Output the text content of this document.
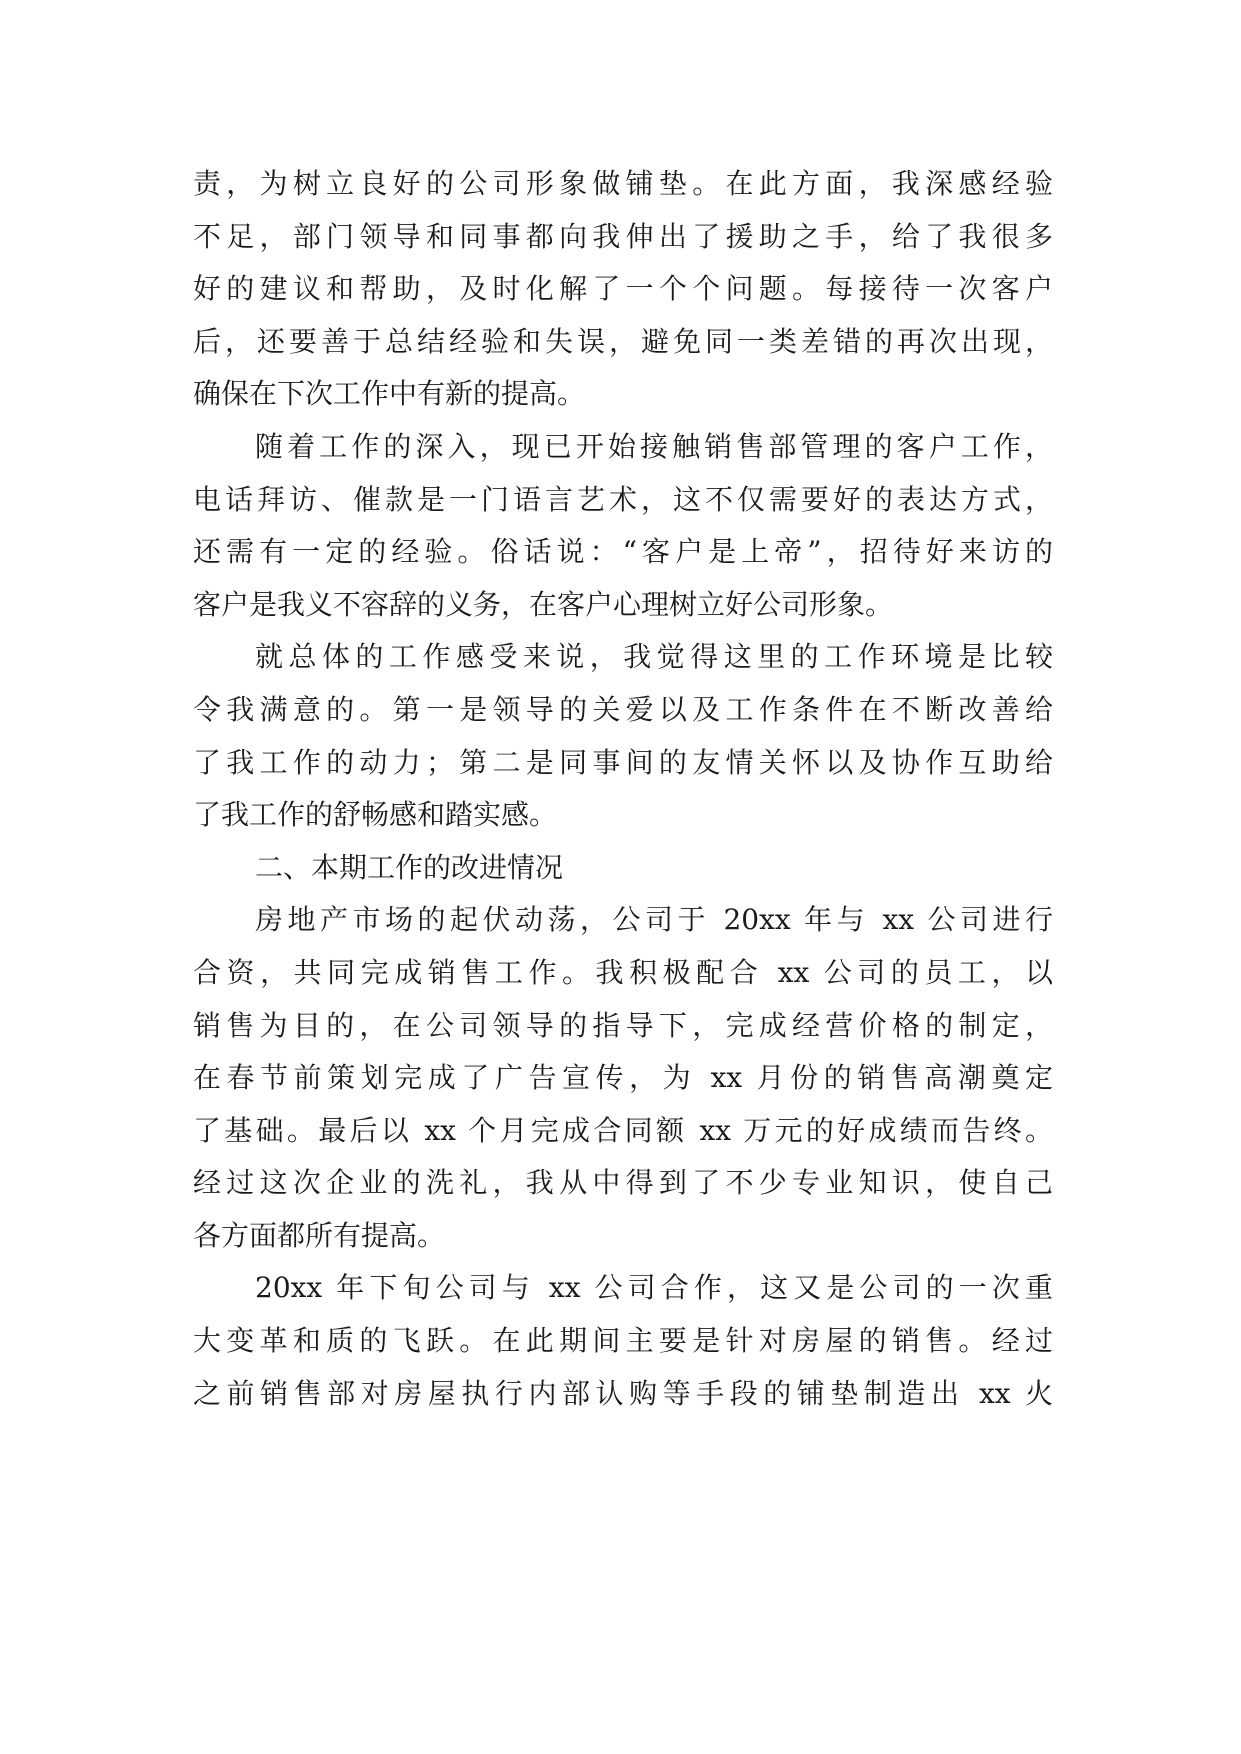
责，为树立良好的公司形象做铺垫。在此方面，我深感经验
不足，部门领导和同事都向我伸出了援助之手，给了我很多
好的建议和帮助，及时化解了一个个问题。每接待一次客户
后，还要善于总结经验和失误，避免同一类差错的再次出现，
确保在下次工作中有新的提高。
随着工作的深入，现已开始接触销售部管理的客户工作，
电话拜访、催款是一门语言艺术，这不仅需要好的表达方式，
还需有一定的经验。俗话说：“客户是上帝”，招待好来访的
客户是我义不容辞的义务，在客户心理树立好公司形象。
就总体的工作感受来说，我觉得这里的工作环境是比较
令我满意的。第一是领导的关爱以及工作条件在不断改善给
了我工作的动力；第二是同事间的友情关怀以及协作互助给
了我工作的舒畅感和踏实感。
二、本期工作的改进情况
房地产市场的起伏动荡，公司于 20xx 年与 xx 公司进行
合资，共同完成销售工作。我积极配合 xx 公司的员工，以
销售为目的，在公司领导的指导下，完成经营价格的制定，
在春节前策划完成了广告宣传，为 xx 月份的销售高潮奠定
了基础。最后以 xx 个月完成合同额 xx 万元的好成绩而告终。
经过这次企业的洗礼，我从中得到了不少专业知识，使自己
各方面都所有提高。
20xx 年下旬公司与 xx 公司合作，这又是公司的一次重
大变革和质的飞跃。在此期间主要是针对房屋的销售。经过
之前销售部对房屋执行内部认购等手段的铺垫制造出 xx 火
